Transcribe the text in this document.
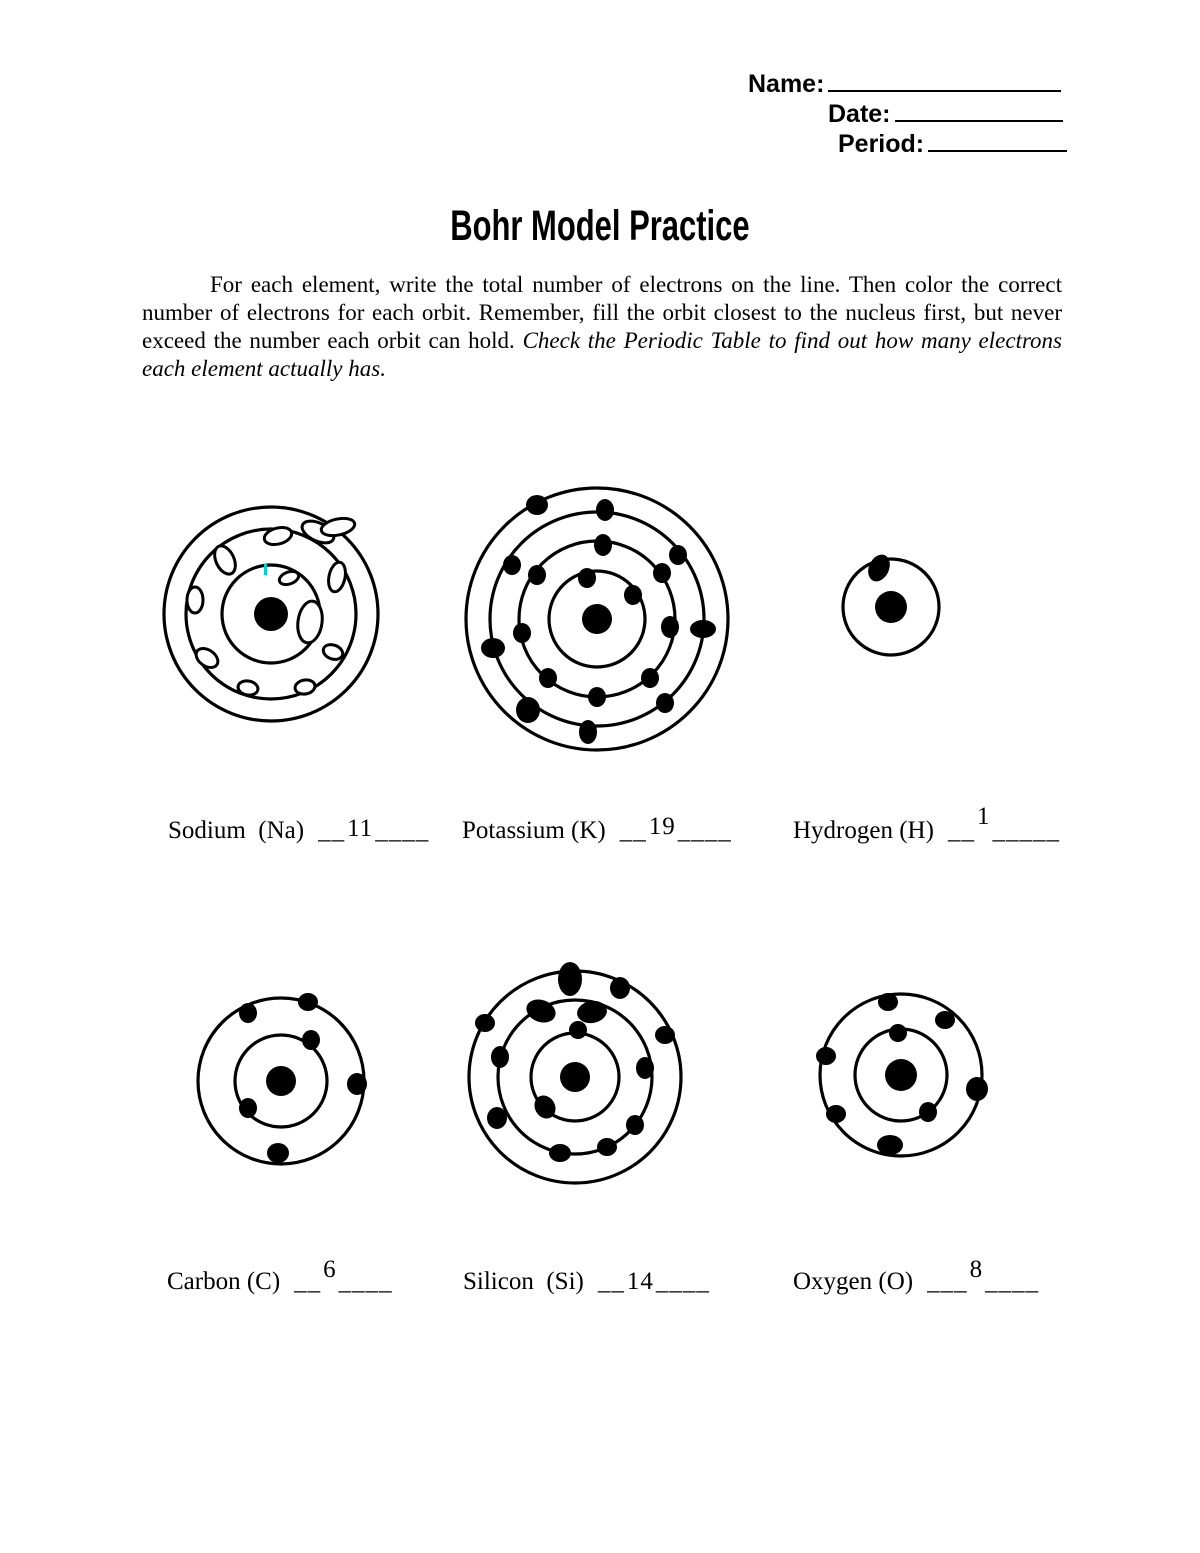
Name:
Date:
Period:
Bohr Model Practice

For each element, write the total number of electrons on the line. Then color the correct number of electrons for each orbit. Remember, fill the orbit closest to the nucleus first, but never exceed the number each orbit can hold. Check the Periodic Table to find out how many electrons each element actually has.

Sodium  (Na) __11____
	Potassium (K) __19____
	Hydrogen (H) __1_____

Carbon (C) __6____
	Silicon  (Si) __14____
	Oxygen (O) ___8____
